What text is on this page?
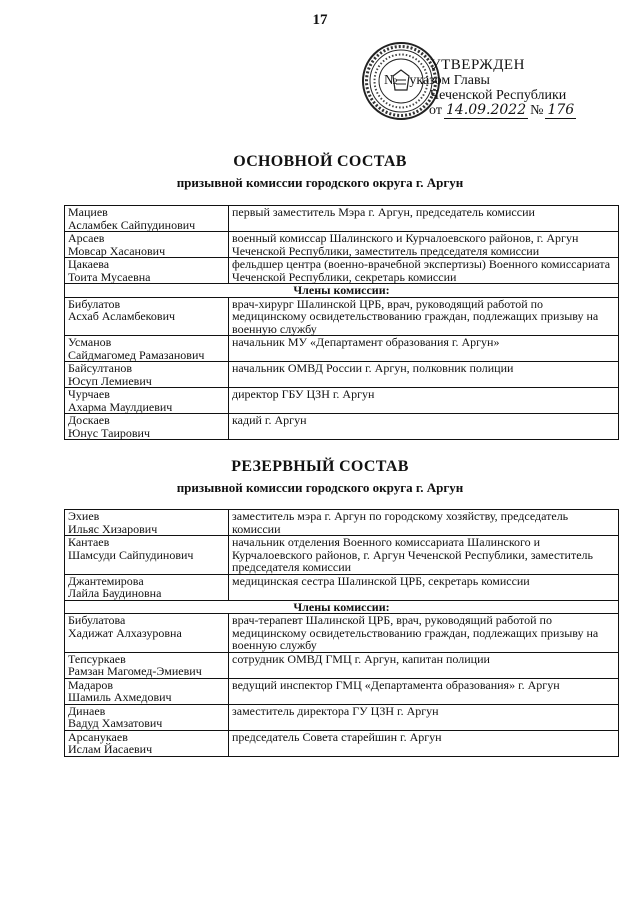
17
УТВЕРЖДЕН
№ указом Главы
Чеченской Республики
от 14.09.2022 № 176
ОСНОВНОЙ СОСТАВ
призывной комиссии городского округа г. Аргун
Мациев
Асламбек Сайпудинович	первый заместитель Мэра г. Аргун, председатель комиссии
Арсаев
Мовсар Хасанович	военный комиссар Шалинского и Курчалоевского районов, г. Аргун Чеченской Республики, заместитель председателя комиссии
Цакаева
Тоита Мусаевна	фельдшер центра (военно-врачебной экспертизы) Военного комиссариата Чеченской Республики, секретарь комиссии
Члены комиссии:	
Бибулатов
Асхаб Асламбекович	врач-хирург Шалинской ЦРБ, врач, руководящий работой по медицинскому освидетельствованию граждан, подлежащих призыву на военную службу
Усманов
Сайдмагомед Рамазанович	начальник МУ «Департамент образования г. Аргун»
Байсултанов
Юсуп Лемиевич	начальник ОМВД России г. Аргун, полковник полиции
Чурчаев
Ахарма Маулдиевич	директор ГБУ ЦЗН г. Аргун
Доскаев
Юнус Таирович	кадий г. Аргун
РЕЗЕРВНЫЙ СОСТАВ
призывной комиссии городского округа г. Аргун
Эхиев
Ильяс Хизарович	заместитель мэра г. Аргун по городскому хозяйству, председатель комиссии
Кантаев
Шамсуди Сайпудинович	начальник отделения Военного комиссариата Шалинского и Курчалоевского районов, г. Аргун Чеченской Республики, заместитель председателя комиссии
Джантемирова
Лайла Баудиновна	медицинская сестра Шалинской ЦРБ, секретарь комиссии
Члены комиссии:	
Бибулатова
Хадижат Алхазуровна	врач-терапевт Шалинской ЦРБ, врач, руководящий работой по медицинскому освидетельствованию граждан, подлежащих призыву на военную службу
Тепсуркаев
Рамзан Магомед-Эмиевич	сотрудник ОМВД ГМЦ г. Аргун, капитан полиции
Мадаров
Шамиль Ахмедович	ведущий инспектор ГМЦ «Департамента образования» г. Аргун
Динаев
Вадуд Хамзатович	заместитель директора ГУ ЦЗН г. Аргун
Арсанукаев
Ислам Йасаевич	председатель Совета старейшин г. Аргун
